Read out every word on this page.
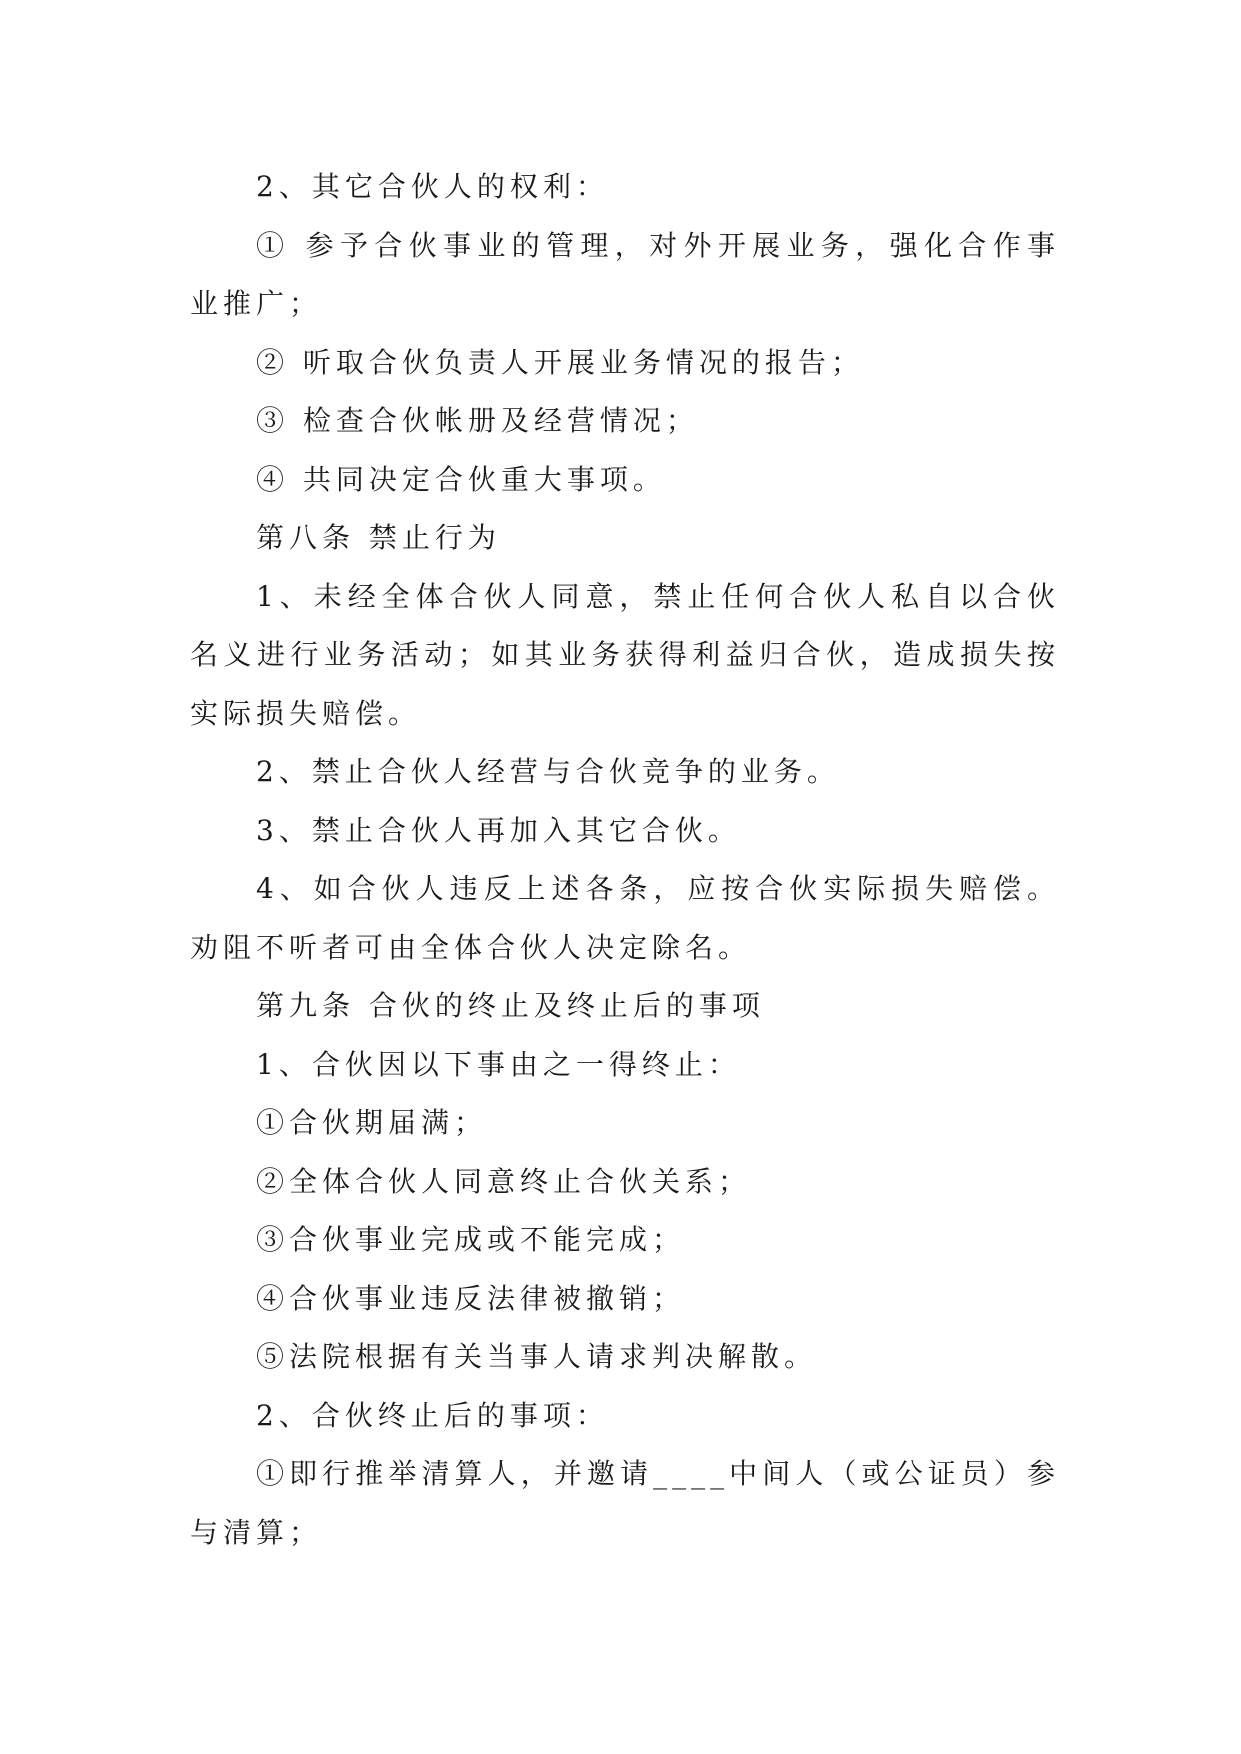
2、其它合伙人的权利：

① 参予合伙事业的管理，对外开展业务，强化合作事业推广；

② 听取合伙负责人开展业务情况的报告；

③ 检查合伙帐册及经营情况；

④ 共同决定合伙重大事项。

第八条 禁止行为

1、未经全体合伙人同意，禁止任何合伙人私自以合伙名义进行业务活动；如其业务获得利益归合伙，造成损失按实际损失赔偿。

2、禁止合伙人经营与合伙竞争的业务。

3、禁止合伙人再加入其它合伙。

4、如合伙人违反上述各条，应按合伙实际损失赔偿。劝阻不听者可由全体合伙人决定除名。

第九条 合伙的终止及终止后的事项

1、合伙因以下事由之一得终止：

①合伙期届满；

②全体合伙人同意终止合伙关系；

③合伙事业完成或不能完成；

④合伙事业违反法律被撤销；

⑤法院根据有关当事人请求判决解散。

2、合伙终止后的事项：

①即行推举清算人，并邀请____中间人（或公证员）参与清算；
